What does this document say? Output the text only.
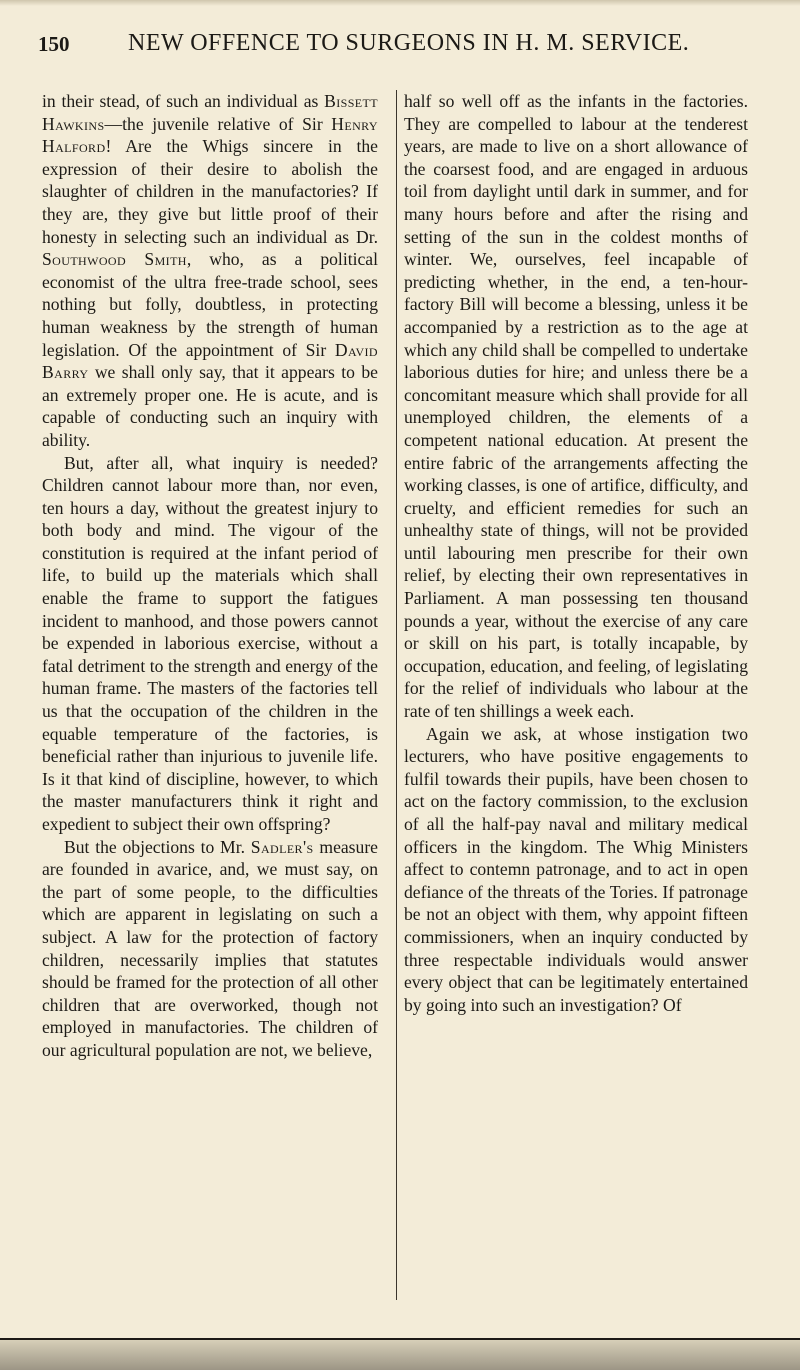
150 NEW OFFENCE TO SURGEONS IN H. M. SERVICE.

in their stead, of such an individual as Bissett Hawkins—the juvenile relative of Sir Henry Halford! Are the Whigs sincere in the expression of their desire to abolish the slaughter of children in the manufactories? If they are, they give but little proof of their honesty in selecting such an individual as Dr. Southwood Smith, who, as a political economist of the ultra free-trade school, sees nothing but folly, doubtless, in protecting human weakness by the strength of human legislation. Of the appointment of Sir David Barry we shall only say, that it appears to be an extremely proper one. He is acute, and is capable of conducting such an inquiry with ability.

But, after all, what inquiry is needed? Children cannot labour more than, nor even, ten hours a day, without the greatest injury to both body and mind. The vigour of the constitution is required at the infant period of life, to build up the materials which shall enable the frame to support the fatigues incident to manhood, and those powers cannot be expended in laborious exercise, without a fatal detriment to the strength and energy of the human frame. The masters of the factories tell us that the occupation of the children in the equable temperature of the factories, is beneficial rather than injurious to juvenile life. Is it that kind of discipline, however, to which the master manufacturers think it right and expedient to subject their own offspring?

But the objections to Mr. Sadler's measure are founded in avarice, and, we must say, on the part of some people, to the difficulties which are apparent in legislating on such a subject. A law for the protection of factory children, necessarily implies that statutes should be framed for the protection of all other children that are overworked, though not employed in manufactories. The children of our agricultural population are not, we believe,

half so well off as the infants in the factories. They are compelled to labour at the tenderest years, are made to live on a short allowance of the coarsest food, and are engaged in arduous toil from daylight until dark in summer, and for many hours before and after the rising and setting of the sun in the coldest months of winter. We, ourselves, feel incapable of predicting whether, in the end, a ten-hour-factory Bill will become a blessing, unless it be accompanied by a restriction as to the age at which any child shall be compelled to undertake laborious duties for hire; and unless there be a concomitant measure which shall provide for all unemployed children, the elements of a competent national education. At present the entire fabric of the arrangements affecting the working classes, is one of artifice, difficulty, and cruelty, and efficient remedies for such an unhealthy state of things, will not be provided until labouring men prescribe for their own relief, by electing their own representatives in Parliament. A man possessing ten thousand pounds a year, without the exercise of any care or skill on his part, is totally incapable, by occupation, education, and feeling, of legislating for the relief of individuals who labour at the rate of ten shillings a week each.

Again we ask, at whose instigation two lecturers, who have positive engagements to fulfil towards their pupils, have been chosen to act on the factory commission, to the exclusion of all the half-pay naval and military medical officers in the kingdom. The Whig Ministers affect to contemn patronage, and to act in open defiance of the threats of the Tories. If patronage be not an object with them, why appoint fifteen commissioners, when an inquiry conducted by three respectable individuals would answer every object that can be legitimately entertained by going into such an investigation? Of
